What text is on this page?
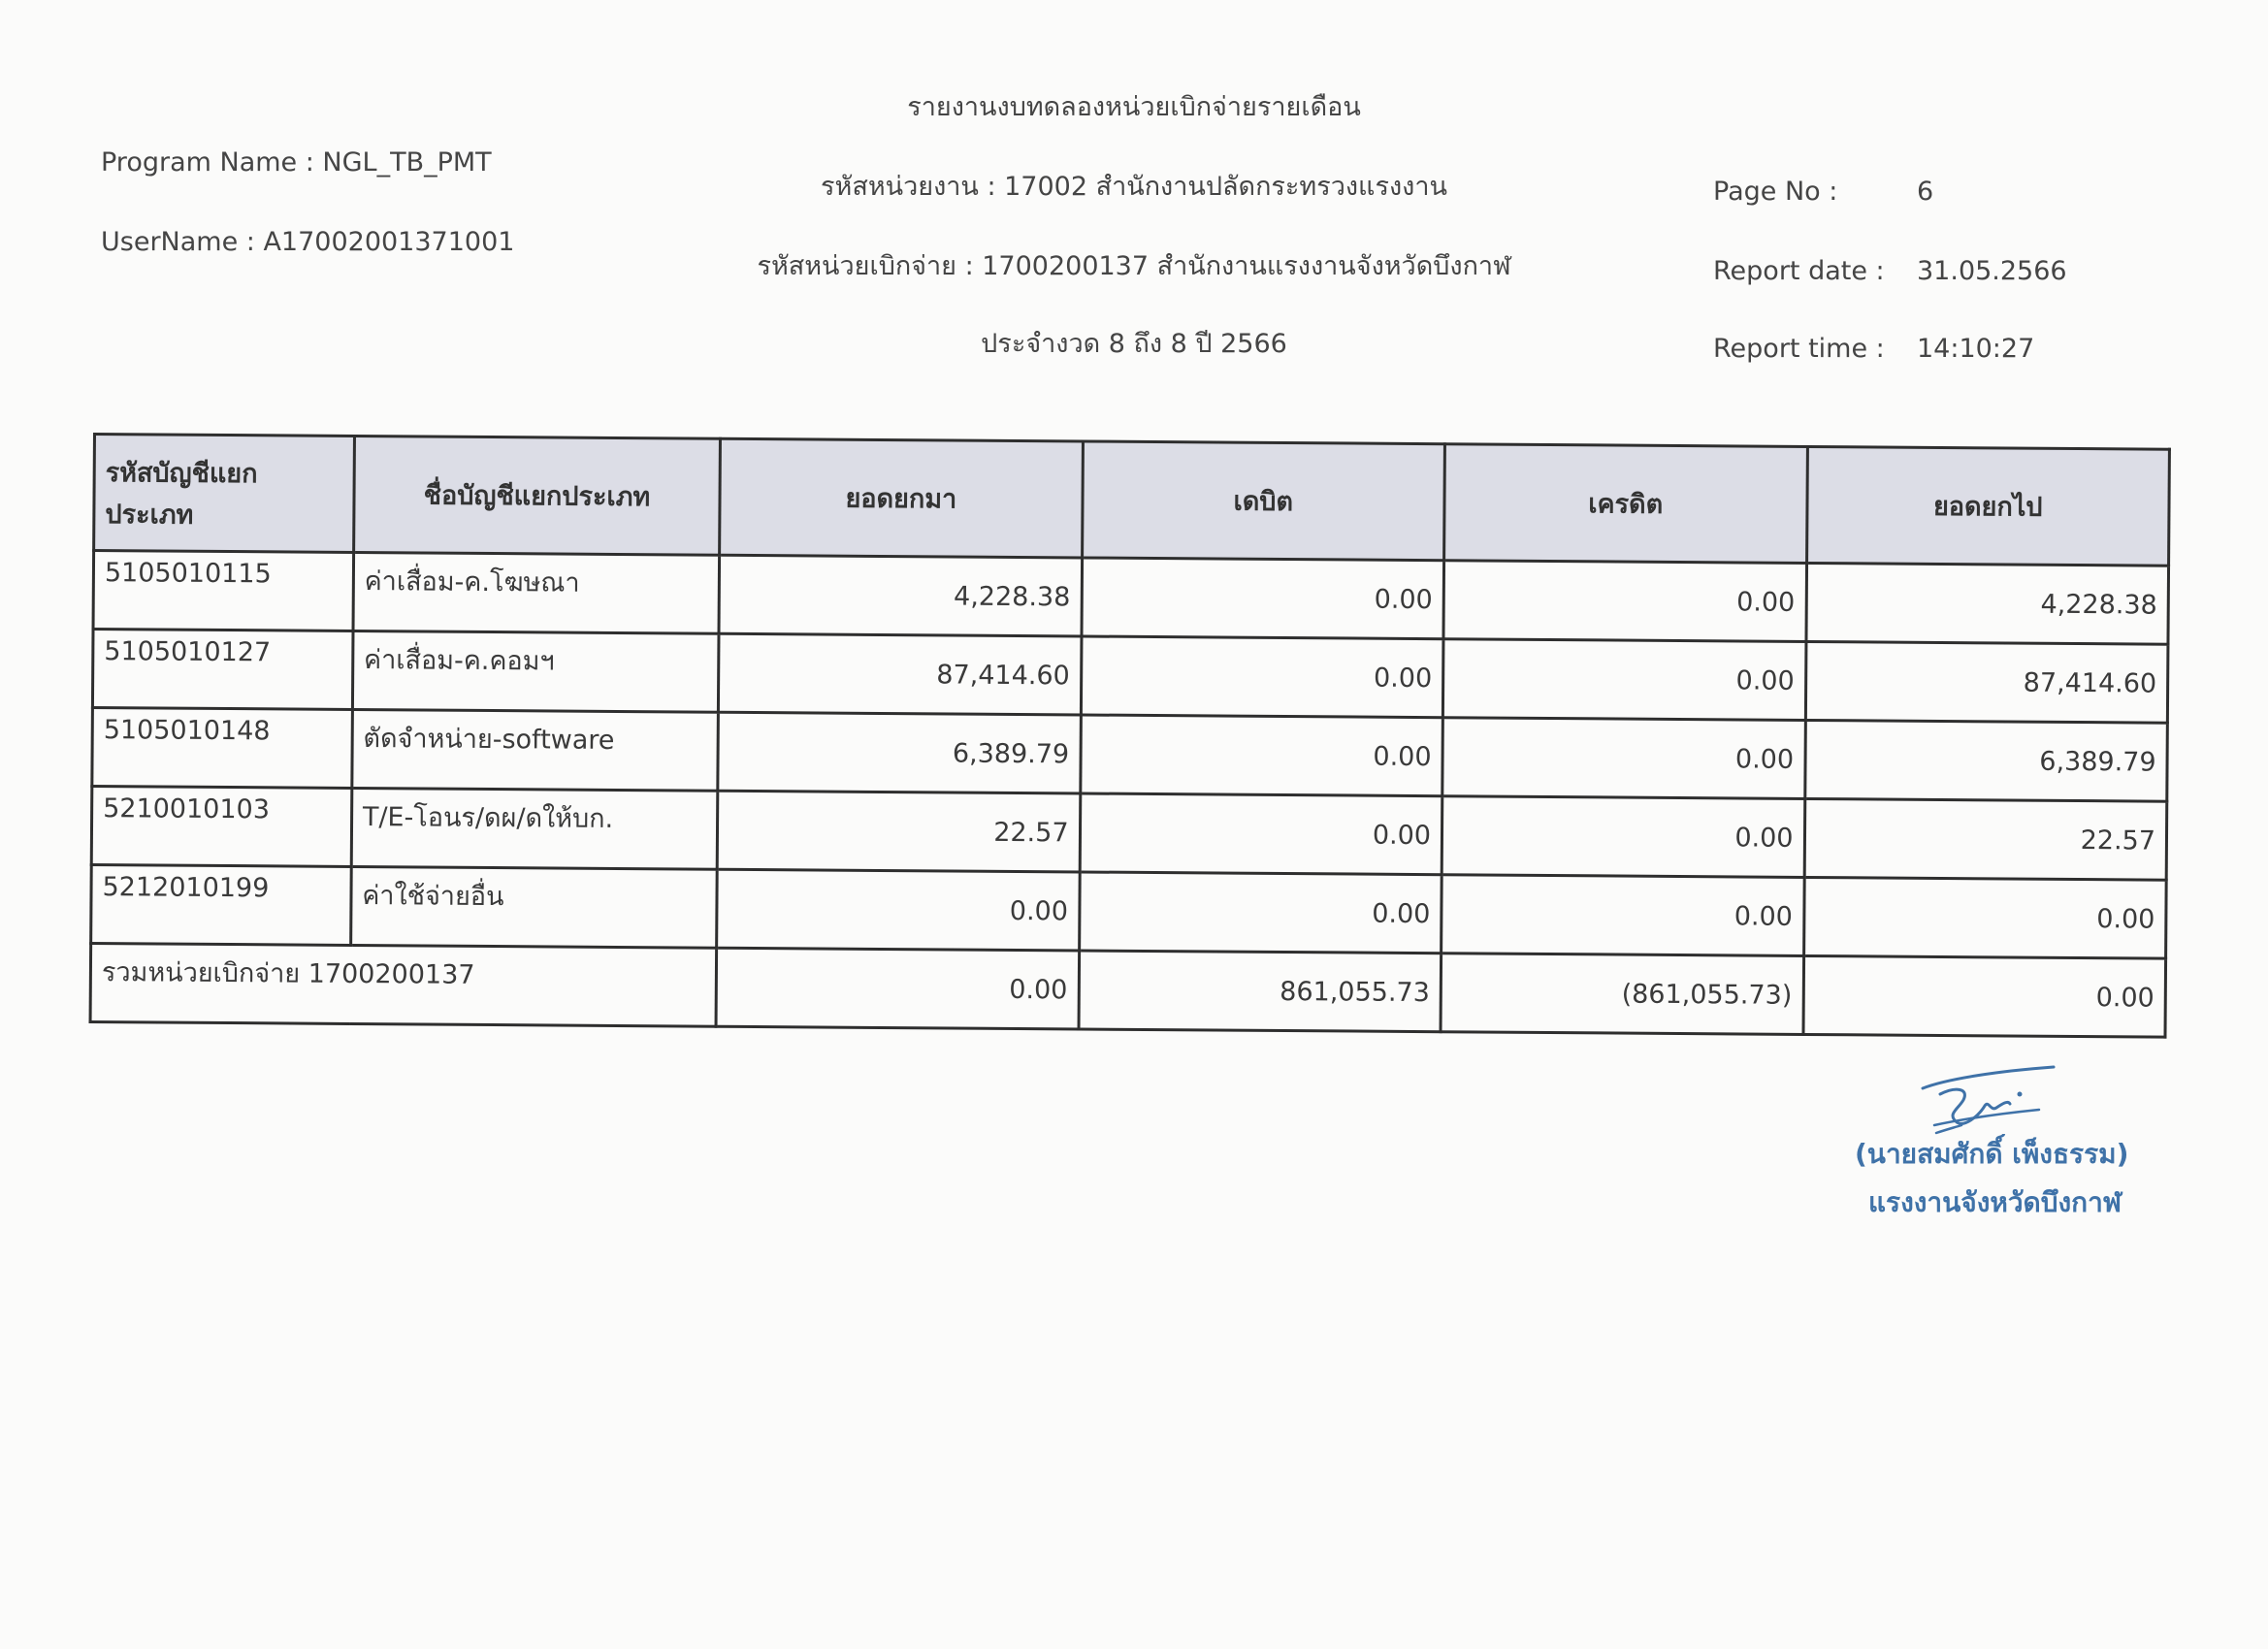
รายงานงบทดลองหน่วยเบิกจ่ายรายเดือน
Program Name : NGL_TB_PMT
UserName : A17002001371001
รหัสหน่วยงาน : 17002 สำนักงานปลัดกระทรวงแรงงาน
รหัสหน่วยเบิกจ่าย : 1700200137 สำนักงานแรงงานจังหวัดบึงกาฬ
ประจำงวด 8 ถึง 8 ปี 2566
Page No :	6
Report date : 31.05.2566
Report time : 14:10:27
รหัสบัญชีแยกประเภท	ชื่อบัญชีแยกประเภท	ยอดยกมา	เดบิต	เครดิต	ยอดยกไป
5105010115	ค่าเสื่อม-ค.โฆษณา	4,228.38	0.00	0.00	4,228.38
5105010127	ค่าเสื่อม-ค.คอมฯ	87,414.60	0.00	0.00	87,414.60
5105010148	ตัดจำหน่าย-software	6,389.79	0.00	0.00	6,389.79
5210010103	T/E-โอนร/ดผ/ดให้บก.	22.57	0.00	0.00	22.57
5212010199	ค่าใช้จ่ายอื่น	0.00	0.00	0.00	0.00
รวมหน่วยเบิกจ่าย 1700200137		0.00	861,055.73	(861,055.73)	0.00
(นายสมศักดิ์ เพ็งธรรม)
แรงงานจังหวัดบึงกาฬ
